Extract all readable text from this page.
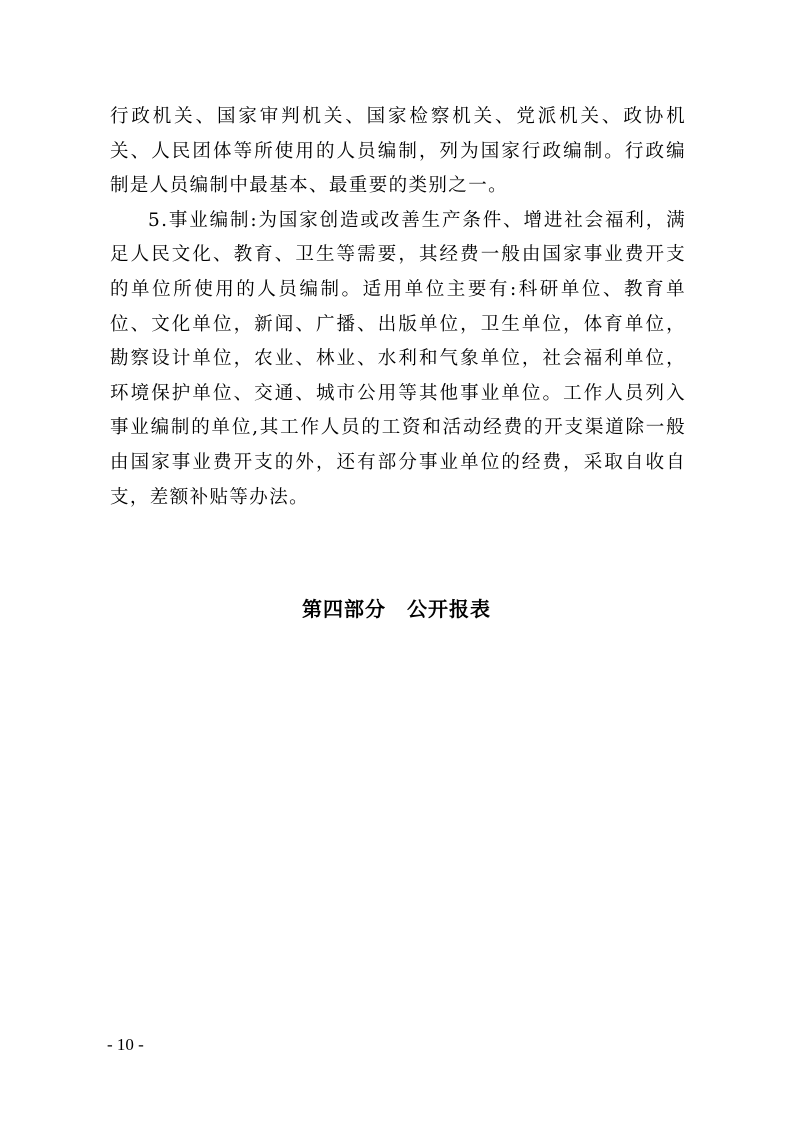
行政机关、国家审判机关、国家检察机关、党派机关、政协机关、人民团体等所使用的人员编制，列为国家行政编制。行政编制是人员编制中最基本、最重要的类别之一。

5.事业编制:为国家创造或改善生产条件、增进社会福利，满足人民文化、教育、卫生等需要，其经费一般由国家事业费开支的单位所使用的人员编制。适用单位主要有:科研单位、教育单位、文化单位，新闻、广播、出版单位，卫生单位，体育单位，勘察设计单位，农业、林业、水利和气象单位，社会福利单位，环境保护单位、交通、城市公用等其他事业单位。工作人员列入事业编制的单位,其工作人员的工资和活动经费的开支渠道除一般由国家事业费开支的外，还有部分事业单位的经费，采取自收自支，差额补贴等办法。

第四部分　公开报表
- 10 -
